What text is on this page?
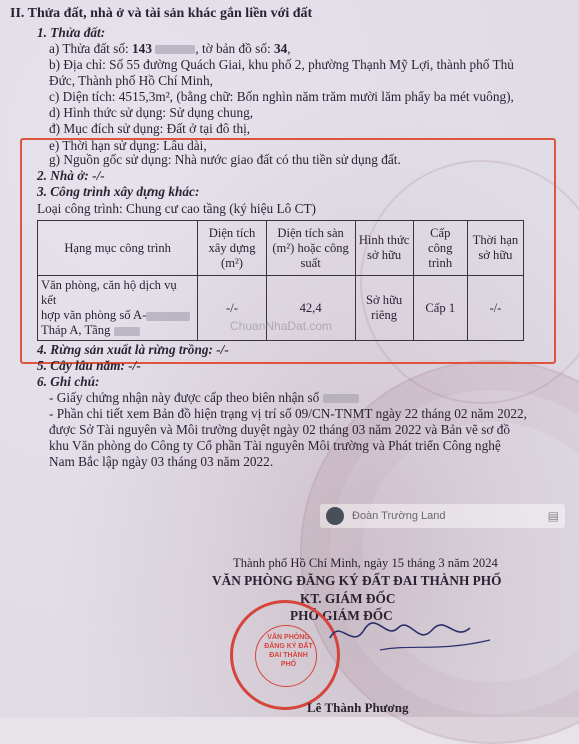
II. Thửa đất, nhà ở và tài sản khác gắn liền với đất
1. Thửa đất:
a) Thửa đất số: 143	, tờ bản đồ số: 34,
b) Địa chỉ: Số 55 đường Quách Giai, khu phố 2, phường Thạnh Mỹ Lợi, thành phố Thủ
Đức, Thành phố Hồ Chí Minh,
c) Diện tích: 4515,3m², (bằng chữ: Bốn nghìn năm trăm mười lăm phẩy ba mét vuông),
d) Hình thức sử dụng: Sử dụng chung,
đ) Mục đích sử dụng: Đất ở tại đô thị,
e) Thời hạn sử dụng: Lâu dài,
g) Nguồn gốc sử dụng: Nhà nước giao đất có thu tiền sử dụng đất.
2. Nhà ở: -/-
3. Công trình xây dựng khác:
Loại công trình: Chung cư cao tầng (ký hiệu Lô CT)
Hạng mục công trình	Diện tích xây dựng (m²)	Diện tích sàn (m²) hoặc công suất	Hình thức sở hữu	Cấp công trình	Thời hạn sở hữu
Văn phòng, căn hộ dịch vụ kết
hợp văn phòng số A-
Tháp A, Tầng	-/-	42,4	Sở hữu riêng	Cấp 1	-/-
ChuanNhaDat.com
4. Rừng sản xuất là rừng trồng: -/-
5. Cây lâu năm: -/-
6. Ghi chú:
- Giấy chứng nhận này được cấp theo biên nhận số
- Phần chi tiết xem Bản đồ hiện trạng vị trí số 09/CN-TNMT ngày 22 tháng 02 năm 2022,
được Sở Tài nguyên và Môi trường duyệt ngày 02 tháng 03 năm 2022 và Bản vẽ sơ đồ
khu Văn phòng do Công ty Cổ phần Tài nguyên Môi trường và Phát triển Công nghệ
Nam Bắc lập ngày 03 tháng 03 năm 2022.
Đoàn Trường Land	▤
Thành phố Hồ Chí Minh, ngày 15 tháng 3 năm 2024
VĂN PHÒNG ĐĂNG KÝ ĐẤT ĐAI THÀNH PHỐ
KT. GIÁM ĐỐC
PHÓ GIÁM ĐỐC
VĂN PHÒNG ĐĂNG KÝ ĐẤT ĐAI THÀNH PHỐ
Lê Thành Phương
